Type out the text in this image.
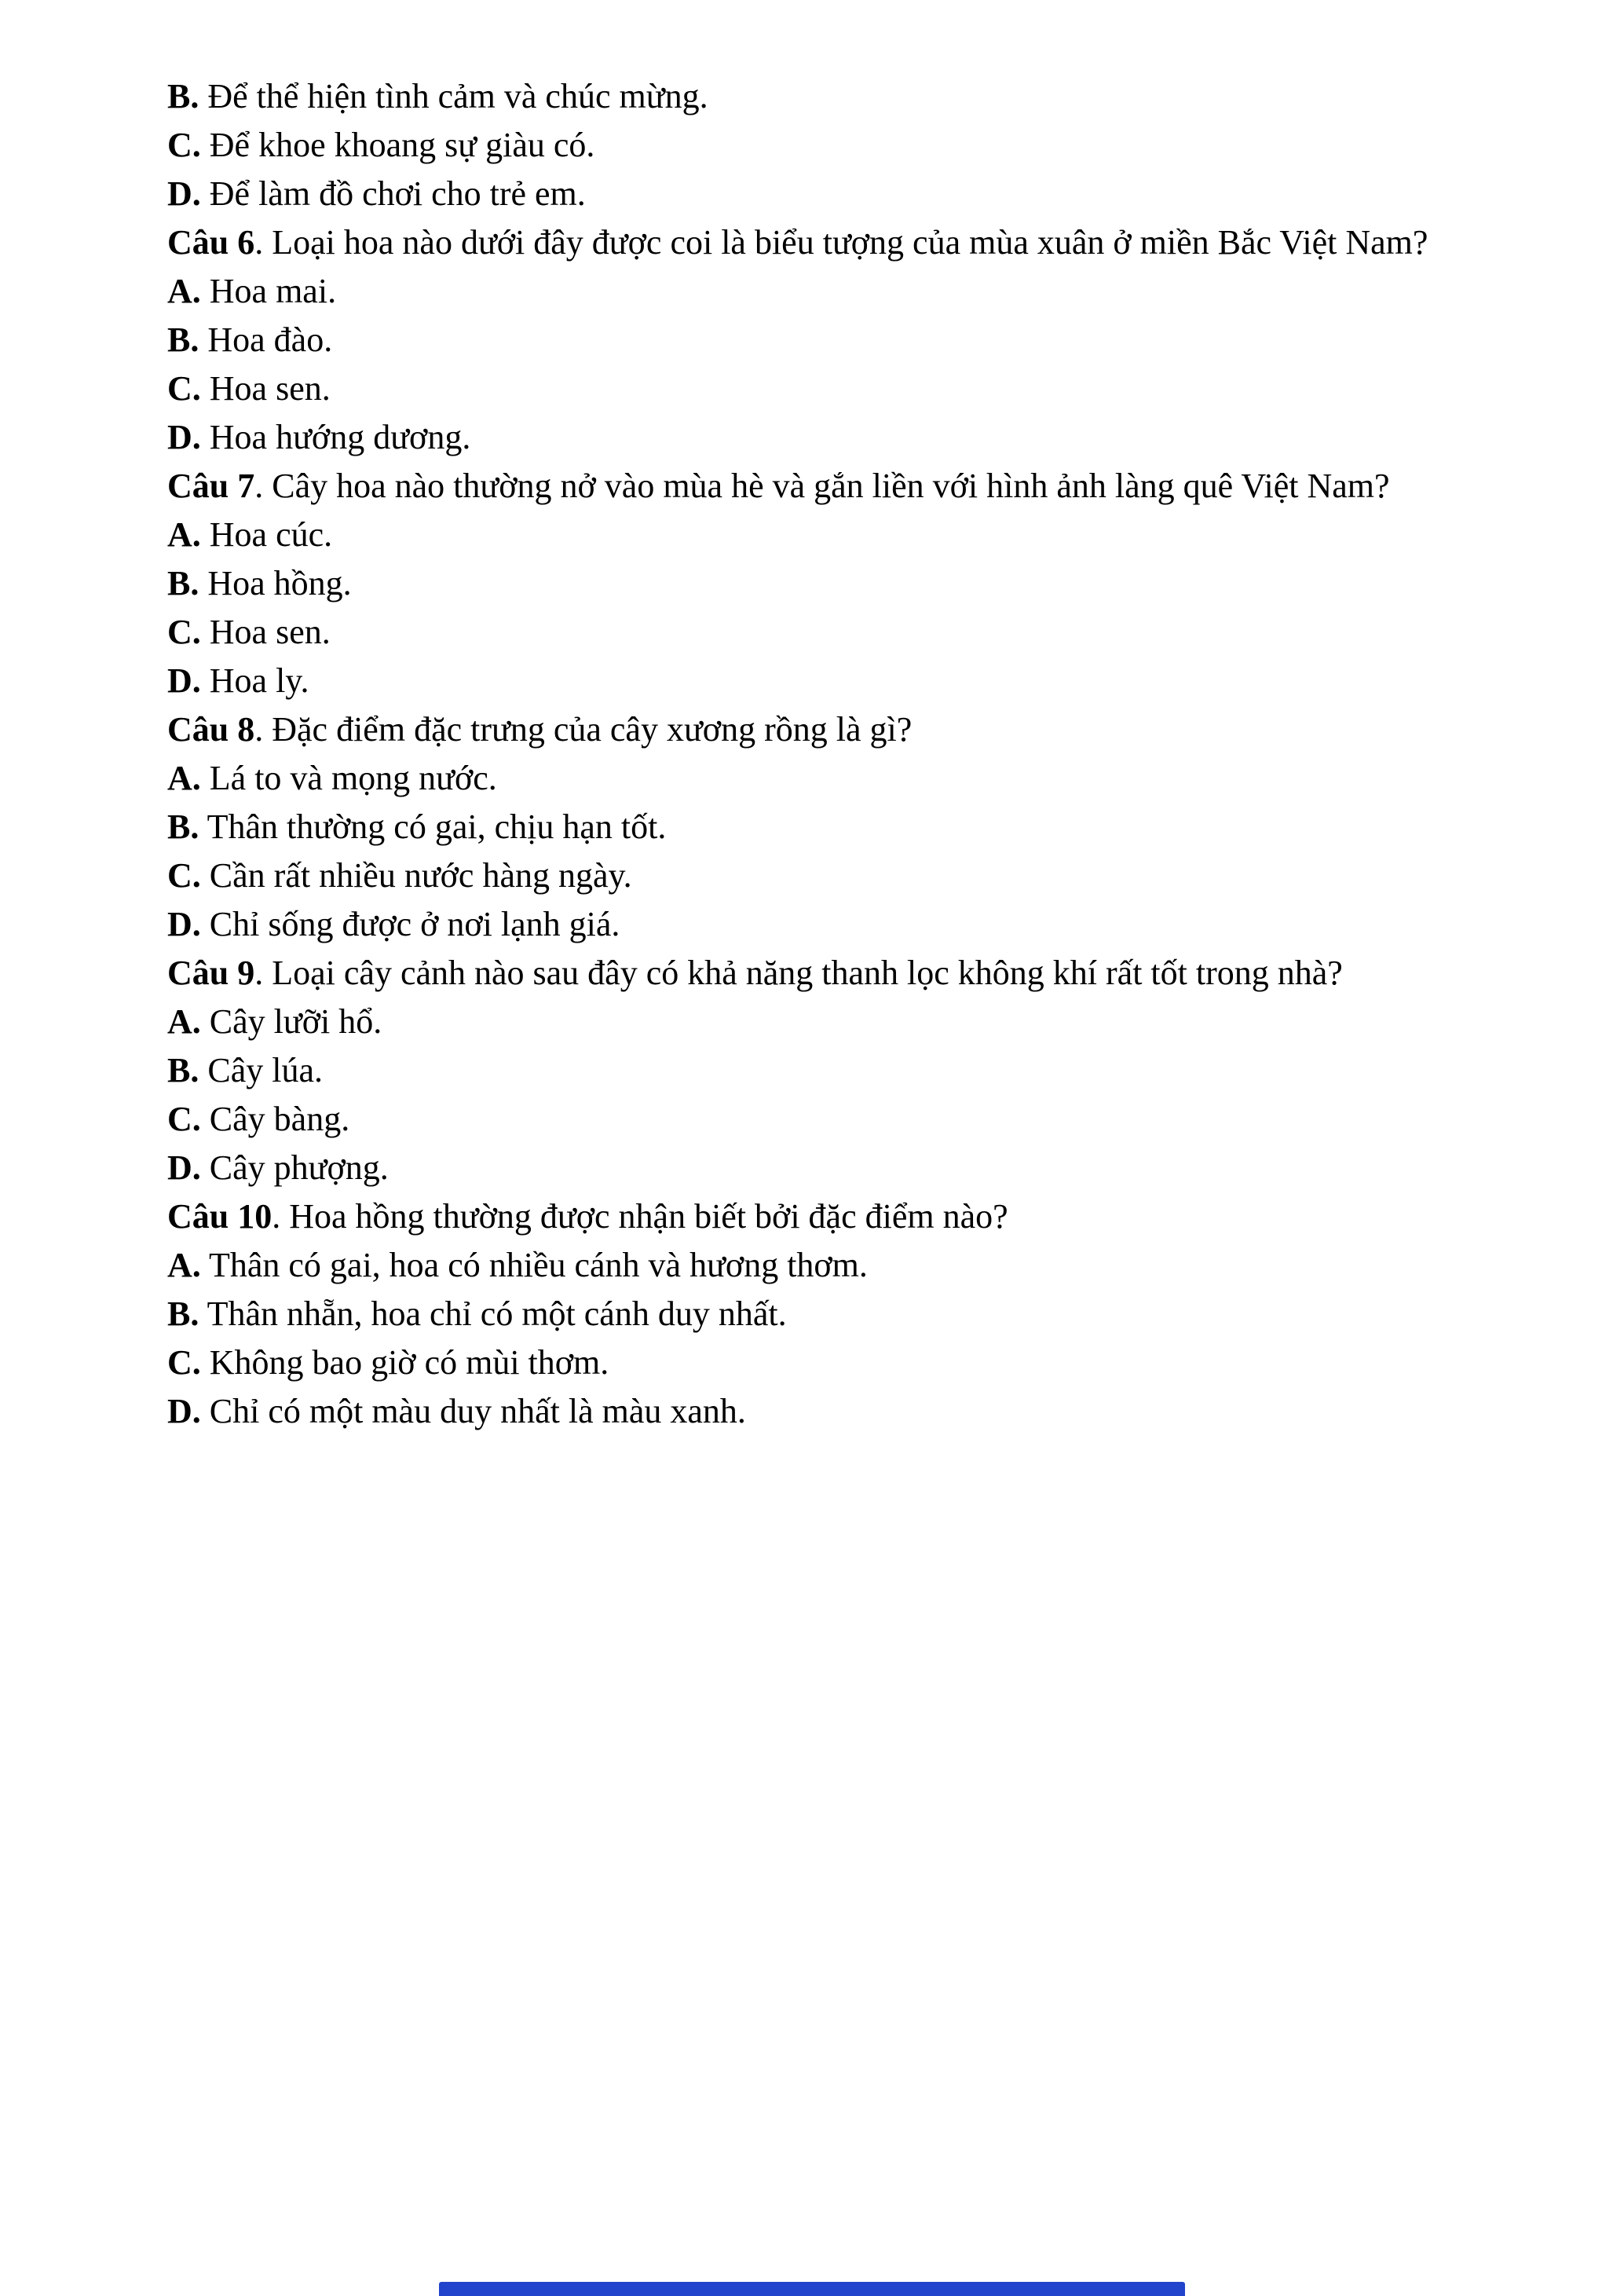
B. Để thể hiện tình cảm và chúc mừng.

C. Để khoe khoang sự giàu có.

D. Để làm đồ chơi cho trẻ em.

Câu 6. Loại hoa nào dưới đây được coi là biểu tượng của mùa xuân ở miền Bắc Việt Nam?

A. Hoa mai.

B. Hoa đào.

C. Hoa sen.

D. Hoa hướng dương.

Câu 7. Cây hoa nào thường nở vào mùa hè và gắn liền với hình ảnh làng quê Việt Nam?

A. Hoa cúc.

B. Hoa hồng.

C. Hoa sen.

D. Hoa ly.

Câu 8. Đặc điểm đặc trưng của cây xương rồng là gì?

A. Lá to và mọng nước.

B. Thân thường có gai, chịu hạn tốt.

C. Cần rất nhiều nước hàng ngày.

D. Chỉ sống được ở nơi lạnh giá.

Câu 9. Loại cây cảnh nào sau đây có khả năng thanh lọc không khí rất tốt trong nhà?

A. Cây lưỡi hổ.

B. Cây lúa.

C. Cây bàng.

D. Cây phượng.

Câu 10. Hoa hồng thường được nhận biết bởi đặc điểm nào?

A. Thân có gai, hoa có nhiều cánh và hương thơm.

B. Thân nhẵn, hoa chỉ có một cánh duy nhất.

C. Không bao giờ có mùi thơm.

D. Chỉ có một màu duy nhất là màu xanh.
